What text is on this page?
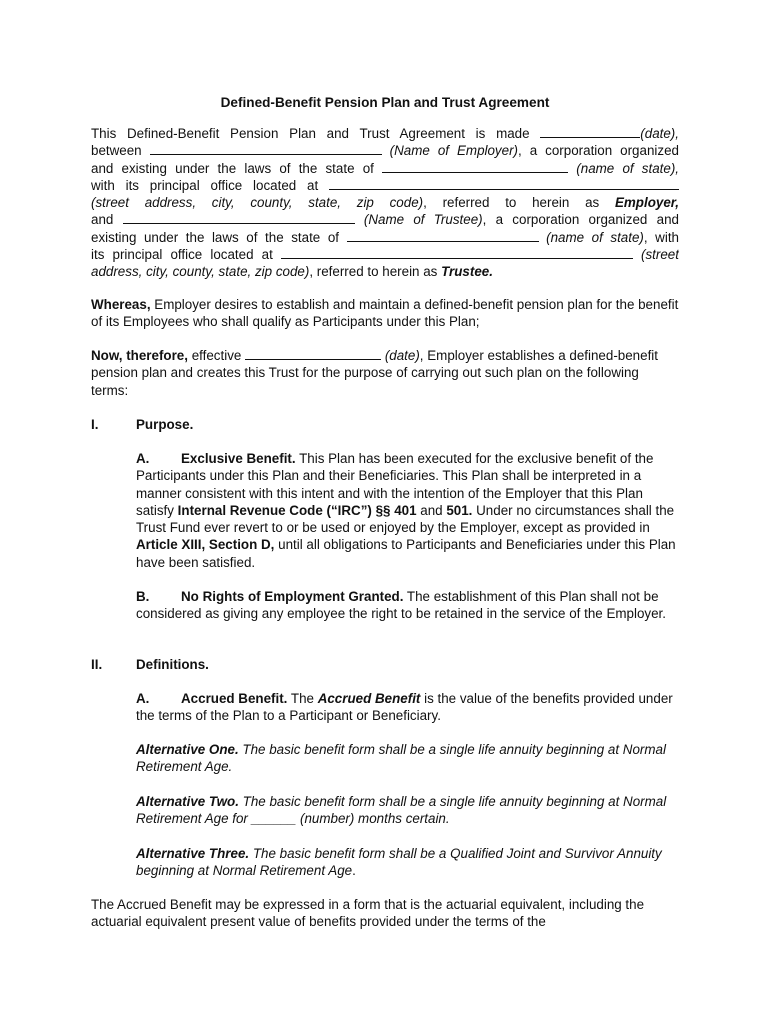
Defined-Benefit Pension Plan and Trust Agreement
This Defined-Benefit Pension Plan and Trust Agreement is made	(date),
between	(Name of Employer), a corporation organized
and existing under the laws of the state of	(name of state),
with its principal office located at
(street address, city, county, state, zip code), referred to herein as Employer,
and	(Name of Trustee), a corporation organized and
existing under the laws of the state of	(name of state), with
its principal office located at	(street
address, city, county, state, zip code), referred to herein as Trustee.

Whereas, Employer desires to establish and maintain a defined-benefit pension plan for the benefit of its Employees who shall qualify as Participants under this Plan;

Now, therefore, effective	(date), Employer establishes a defined-benefit pension plan and creates this Trust for the purpose of carrying out such plan on the following terms:

I.	Purpose.

A. Exclusive Benefit. This Plan has been executed for the exclusive benefit of the Participants under this Plan and their Beneficiaries. This Plan shall be interpreted in a manner consistent with this intent and with the intention of the Employer that this Plan satisfy Internal Revenue Code (“IRC”) §§ 401 and 501. Under no circumstances shall the Trust Fund ever revert to or be used or enjoyed by the Employer, except as provided in Article XIII, Section D, until all obligations to Participants and Beneficiaries under this Plan have been satisfied.

B. No Rights of Employment Granted. The establishment of this Plan shall not be considered as giving any employee the right to be retained in the service of the Employer.

II.	Definitions.

A. Accrued Benefit. The Accrued Benefit is the value of the benefits provided under the terms of the Plan to a Participant or Beneficiary.

Alternative One. The basic benefit form shall be a single life annuity beginning at Normal Retirement Age.

Alternative Two. The basic benefit form shall be a single life annuity beginning at Normal Retirement Age for ______ (number) months certain.

Alternative Three. The basic benefit form shall be a Qualified Joint and Survivor Annuity beginning at Normal Retirement Age.

The Accrued Benefit may be expressed in a form that is the actuarial equivalent, including the actuarial equivalent present value of benefits provided under the terms of the
